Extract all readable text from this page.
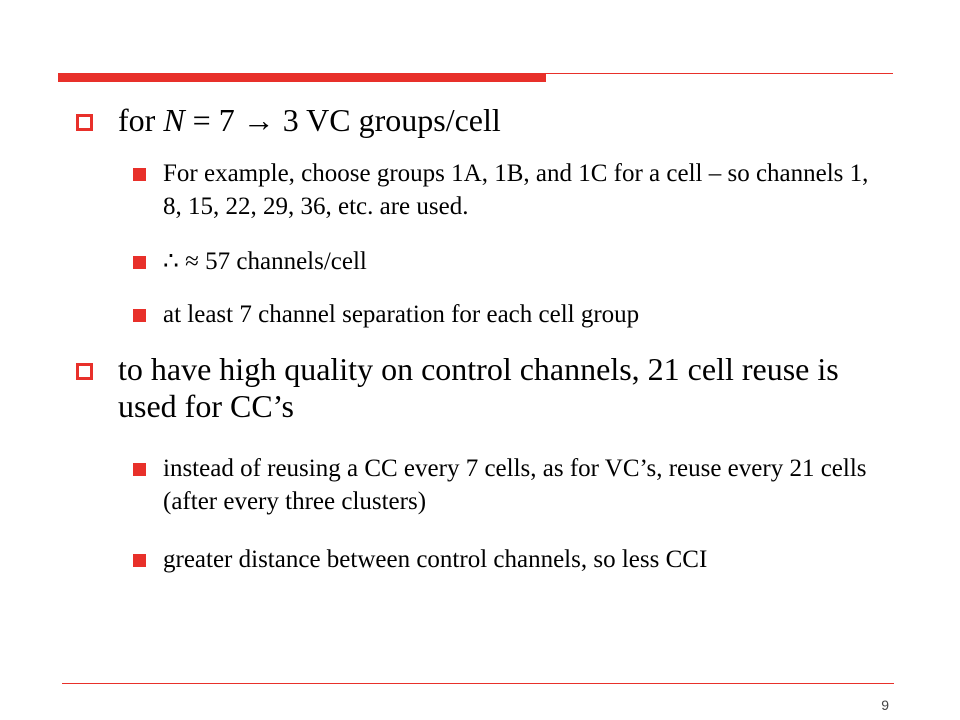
for N = 7 → 3 VC groups/cell
For example, choose groups 1A, 1B, and 1C for a cell – so channels 1, 8, 15, 22, 29, 36, etc. are used.
∴ ≈ 57 channels/cell
at least 7 channel separation for each cell group
to have high quality on control channels, 21 cell reuse is used for CC’s
instead of reusing a CC every 7 cells, as for VC’s, reuse every 21 cells (after every three clusters)
greater distance between control channels, so less CCI
9
